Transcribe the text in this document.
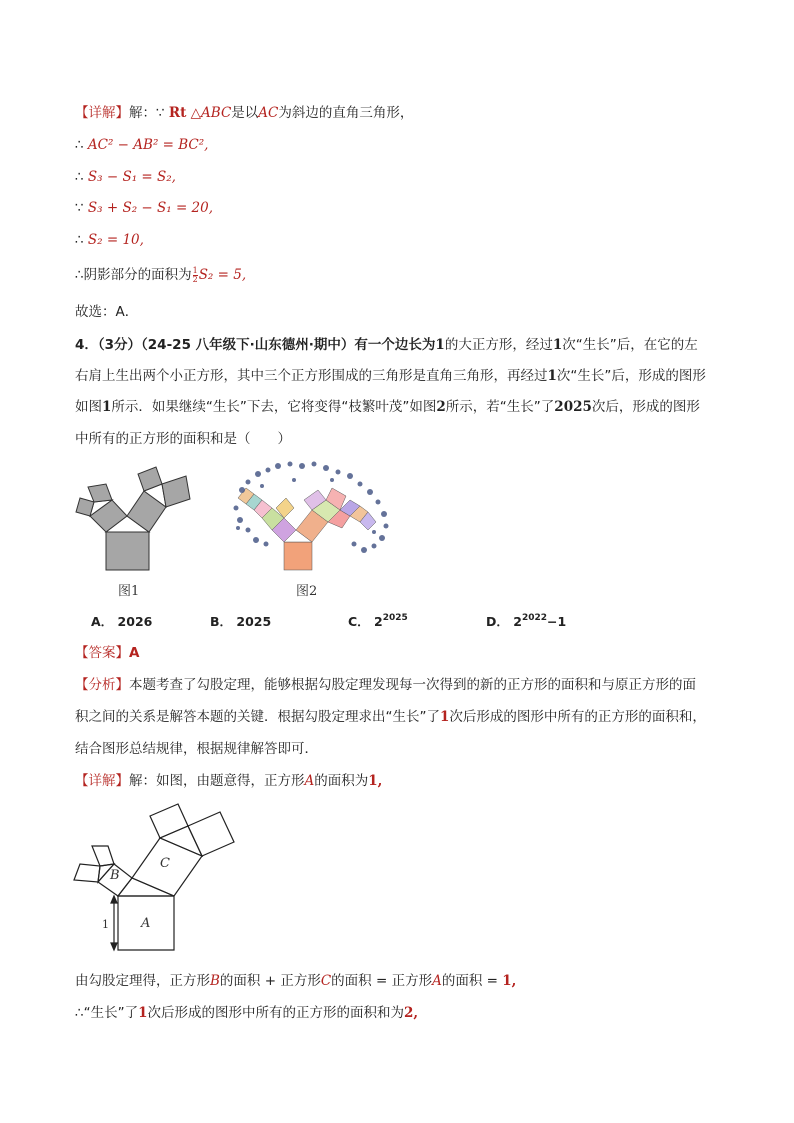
【详解】解：∵ Rt △ABC是以AC为斜边的直角三角形，
∴ AC² − AB² = BC²,
∴ S₃ − S₁ = S₂,
∵ S₃ + S₂ − S₁ = 20,
∴ S₂ = 10,
∴阴影部分的面积为 $\frac{1}{2} S_2 = 5$,
故选：A．
4．（3分）（24-25 八年级下·山东德州·期中）有一个边长为1的大正方形，经过1次“生长”后，在它的左
右肩上生出两个小正方形，其中三个正方形围成的三角形是直角三角形，再经过1次“生长”后，形成的图形
如图1所示．如果继续“生长”下去，它将变得“枝繁叶茂”如图2所示，若“生长”了2025次后，形成的图形
中所有的正方形的面积和是（　　）
图1	图2
A． 2026	B． 2025	C． $2^{2025}$	D． $2^{2022}-1$
【答案】A
【分析】本题考查了勾股定理，能够根据勾股定理发现每一次得到的新的正方形的面积和与原正方形的面
积之间的关系是解答本题的关键．根据勾股定理求出“生长”了1次后形成的图形中所有的正方形的面积和，
结合图形总结规律，根据规律解答即可．
【详解】解：如图，由题意得，正方形A的面积为1,
B
C
A
1
由勾股定理得，正方形B的面积 + 正方形C的面积 = 正方形A的面积 = 1,
∴“生长”了1次后形成的图形中所有的正方形的面积和为2,
